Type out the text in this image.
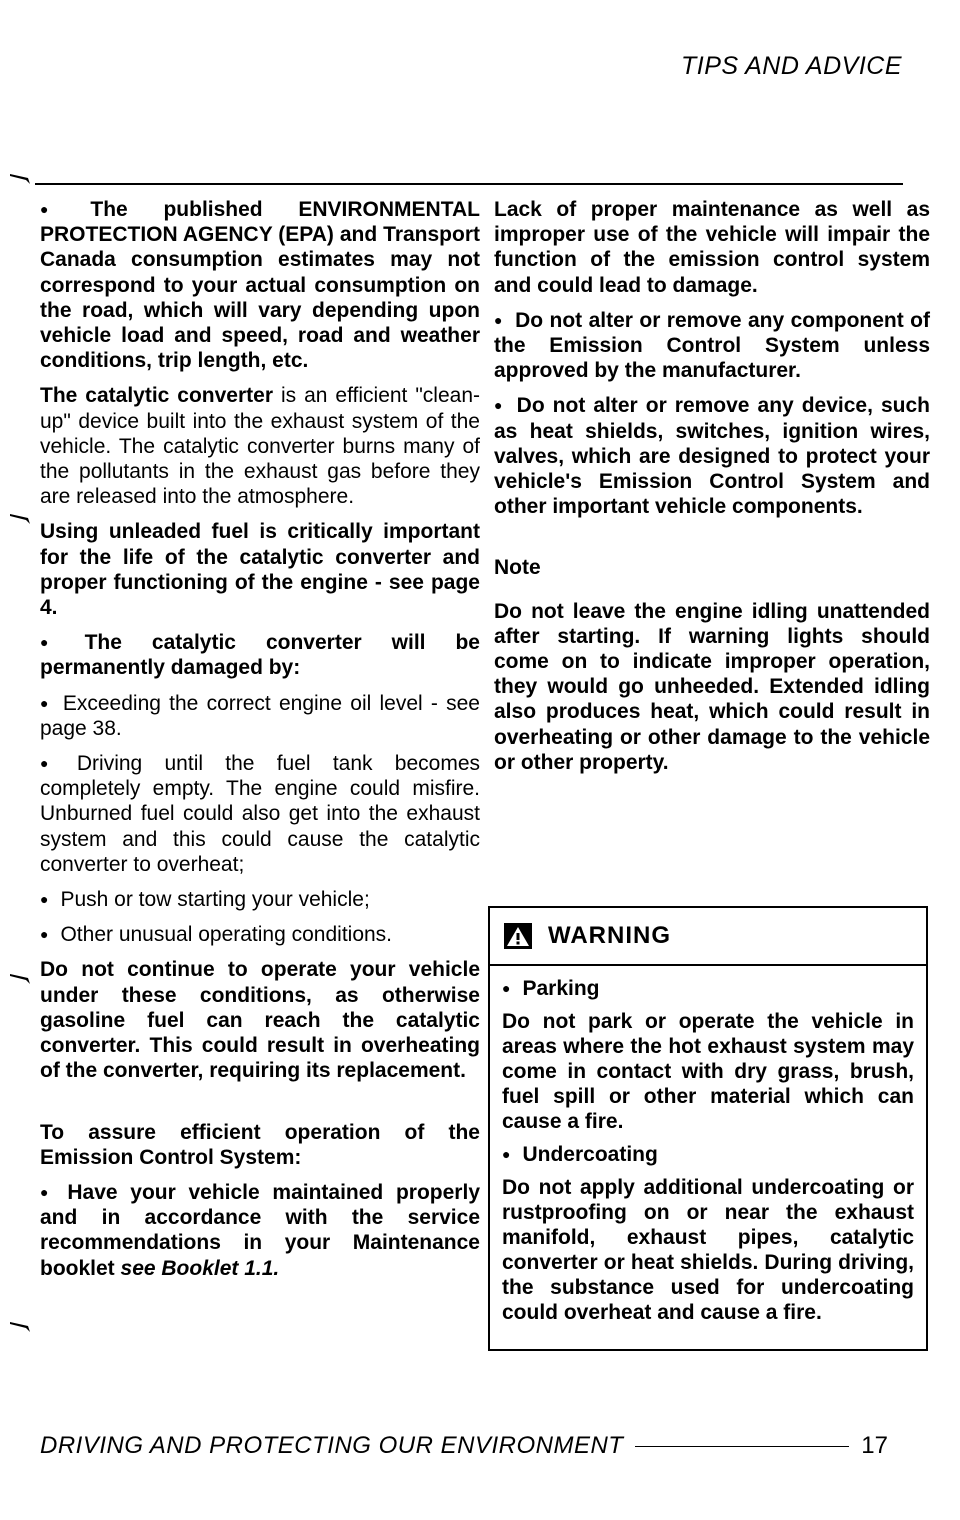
TIPS AND ADVICE

● The published ENVIRONMENTAL PROTECTION AGENCY (EPA) and Transport Canada consumption estimates may not correspond to your actual consumption on the road, which will vary depending upon vehicle load and speed, road and weather conditions, trip length, etc.

The catalytic converter is an efficient "clean-up" device built into the exhaust system of the vehicle. The catalytic converter burns many of the pollutants in the exhaust gas before they are released into the atmosphere.

Using unleaded fuel is critically important for the life of the catalytic converter and proper functioning of the engine - see page 4.

● The catalytic converter will be permanently damaged by:

● Exceeding the correct engine oil level - see page 38.

● Driving until the fuel tank becomes completely empty. The engine could misfire. Unburned fuel could also get into the exhaust system and this could cause the catalytic converter to overheat;

● Push or tow starting your vehicle;

● Other unusual operating conditions.

Do not continue to operate your vehicle under these conditions, as otherwise gasoline fuel can reach the catalytic converter. This could result in overheating of the converter, requiring its replacement.

To assure efficient operation of the Emission Control System:

● Have your vehicle maintained properly and in accordance with the service recommendations in your Maintenance booklet see Booklet 1.1.

Lack of proper maintenance as well as improper use of the vehicle will impair the function of the emission control system and could lead to damage.

● Do not alter or remove any component of the Emission Control System unless approved by the manufacturer.

● Do not alter or remove any device, such as heat shields, switches, ignition wires, valves, which are designed to protect your vehicle's Emission Control System and other important vehicle components.

Note

Do not leave the engine idling unattended after starting. If warning lights should come on to indicate improper operation, they would go unheeded. Extended idling also produces heat, which could result in overheating or other damage to the vehicle or other property.

WARNING

● Parking

Do not park or operate the vehicle in areas where the hot exhaust system may come in contact with dry grass, brush, fuel spill or other material which can cause a fire.

● Undercoating

Do not apply additional undercoating or rustproofing on or near the exhaust manifold, exhaust pipes, catalytic converter or heat shields. During driving, the substance used for undercoating could overheat and cause a fire.

DRIVING AND PROTECTING OUR ENVIRONMENT	17
